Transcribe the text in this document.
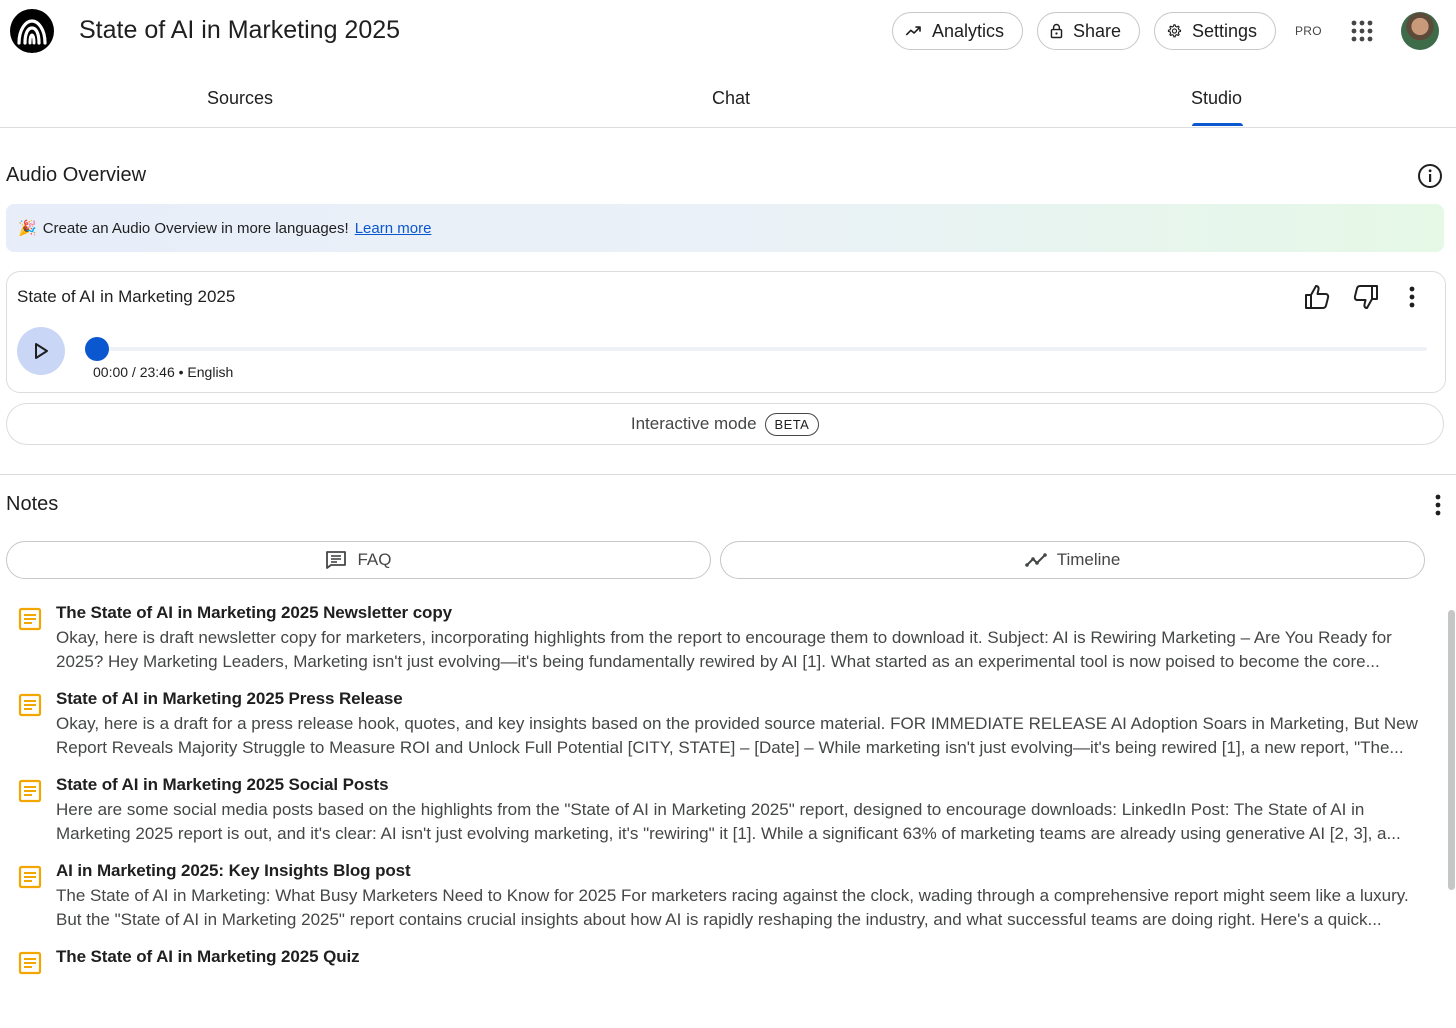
State of AI in Marketing 2025	Analytics	Share	Settings	PRO
Sources	Chat	Studio
Audio Overview
🎉 Create an Audio Overview in more languages! Learn more
State of AI in Marketing 2025
00:00 / 23:46 • English
Interactive mode	BETA
Notes
FAQ	Timeline
The State of AI in Marketing 2025 Newsletter copy
Okay, here is draft newsletter copy for marketers, incorporating highlights from the report to encourage them to download it. Subject: AI is Rewiring Marketing – Are You Ready for 2025? Hey Marketing Leaders, Marketing isn't just evolving—it's being fundamentally rewired by AI [1]. What started as an experimental tool is now poised to become the core...
State of AI in Marketing 2025 Press Release
Okay, here is a draft for a press release hook, quotes, and key insights based on the provided source material. FOR IMMEDIATE RELEASE AI Adoption Soars in Marketing, But New Report Reveals Majority Struggle to Measure ROI and Unlock Full Potential [CITY, STATE] – [Date] – While marketing isn't just evolving—it's being rewired [1], a new report, "The...
State of AI in Marketing 2025 Social Posts
Here are some social media posts based on the highlights from the "State of AI in Marketing 2025" report, designed to encourage downloads: LinkedIn Post: The State of AI in Marketing 2025 report is out, and it's clear: AI isn't just evolving marketing, it's "rewiring" it [1]. While a significant 63% of marketing teams are already using generative AI [2, 3], a...
AI in Marketing 2025: Key Insights Blog post
The State of AI in Marketing: What Busy Marketers Need to Know for 2025 For marketers racing against the clock, wading through a comprehensive report might seem like a luxury. But the "State of AI in Marketing 2025" report contains crucial insights about how AI is rapidly reshaping the industry, and what successful teams are doing right. Here's a quick...
The State of AI in Marketing 2025 Quiz
